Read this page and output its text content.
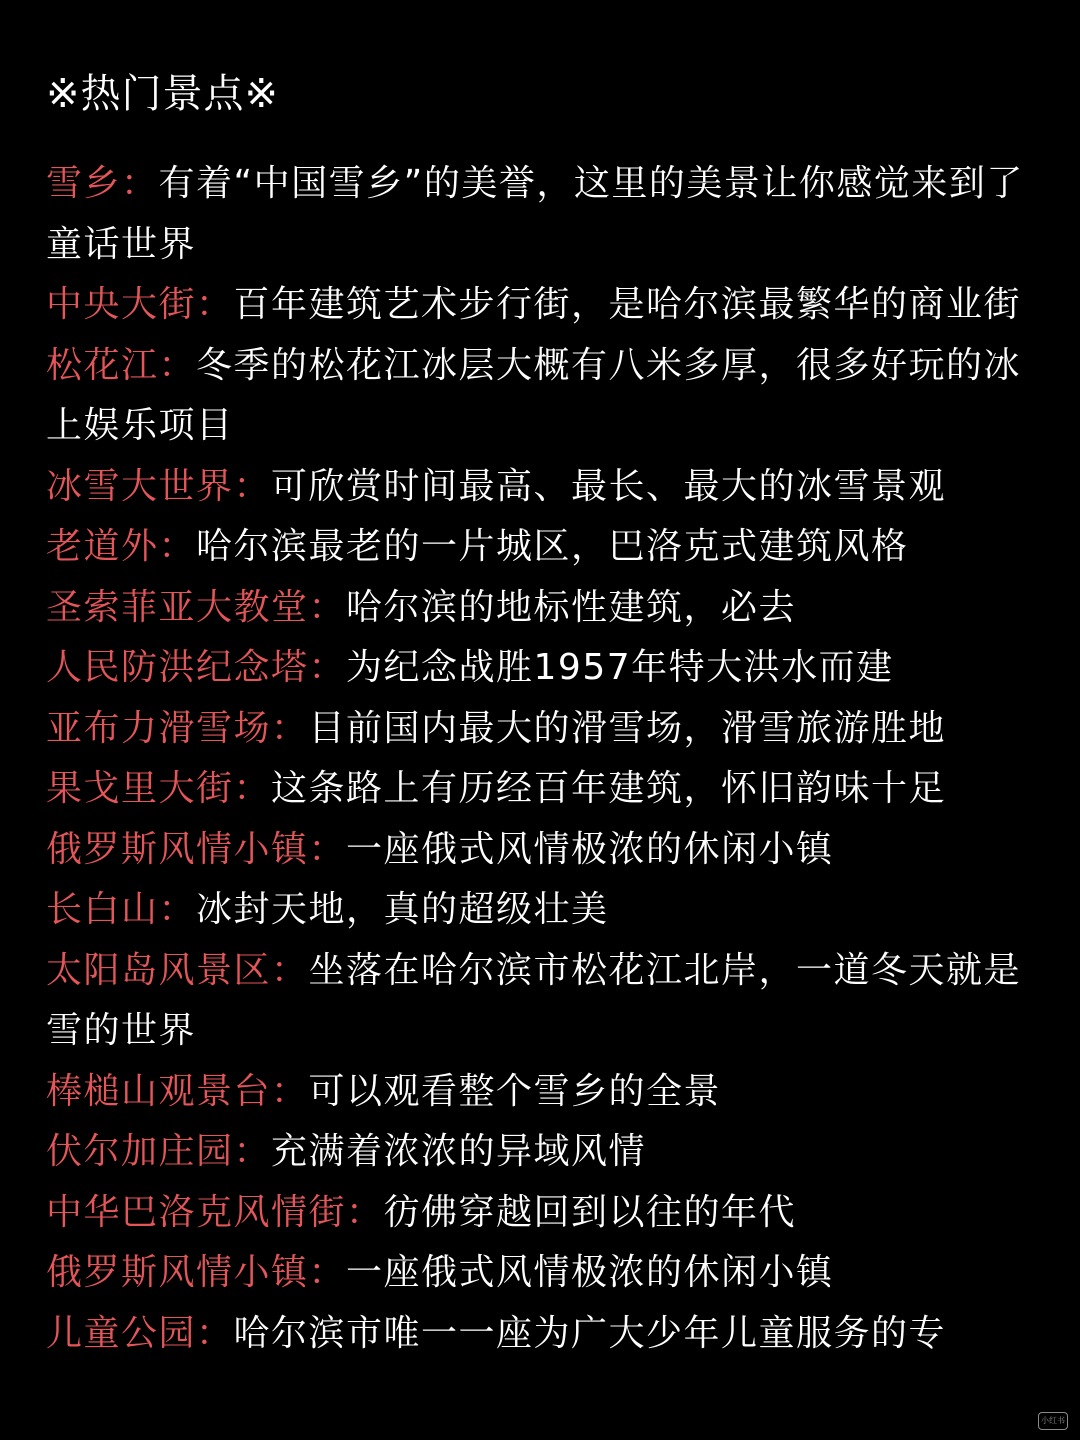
※热门景点※
雪乡：有着“中国雪乡”的美誉，这里的美景让你感觉来到了童话世界
中央大街：百年建筑艺术步行街，是哈尔滨最繁华的商业街
松花江：冬季的松花江冰层大概有八米多厚，很多好玩的冰上娱乐项目
冰雪大世界：可欣赏时间最高、最长、最大的冰雪景观
老道外：哈尔滨最老的一片城区，巴洛克式建筑风格
圣索菲亚大教堂：哈尔滨的地标性建筑，必去
人民防洪纪念塔：为纪念战胜1957年特大洪水而建
亚布力滑雪场：目前国内最大的滑雪场，滑雪旅游胜地
果戈里大街：这条路上有历经百年建筑，怀旧韵味十足
俄罗斯风情小镇：一座俄式风情极浓的休闲小镇
长白山：冰封天地，真的超级壮美
太阳岛风景区：坐落在哈尔滨市松花江北岸，一道冬天就是雪的世界
棒槌山观景台：可以观看整个雪乡的全景
伏尔加庄园：充满着浓浓的异域风情
中华巴洛克风情街：彷佛穿越回到以往的年代
俄罗斯风情小镇：一座俄式风情极浓的休闲小镇
儿童公园：哈尔滨市唯一一座为广大少年儿童服务的专
小红书
